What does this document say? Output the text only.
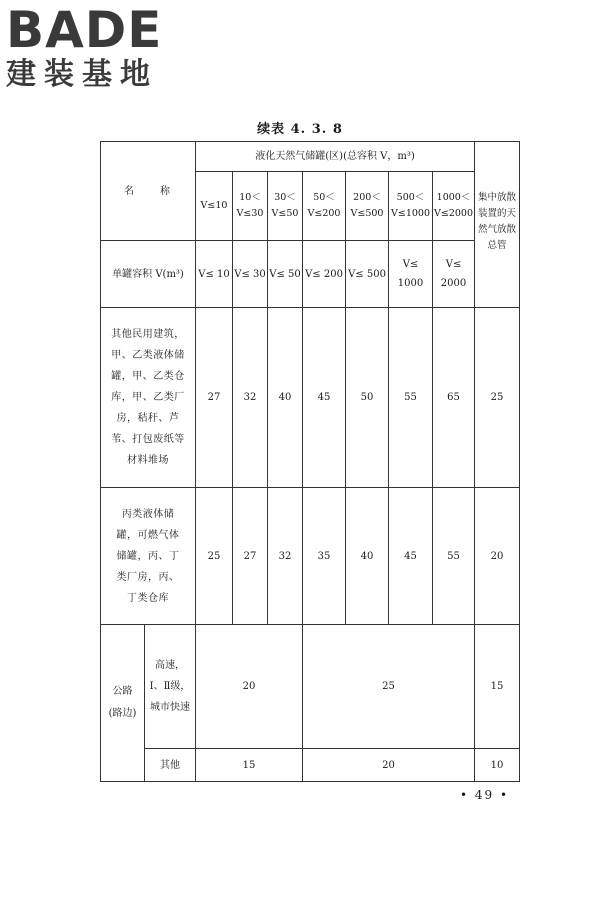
BADE
建装基地
续表 4. 3. 8
名　　称		液化天然气储罐(区)(总容积 V，m³)							集中放散装置的天然气放散总管
		V≤10	10＜ V≤30	30＜ V≤50	50＜ V≤200	200＜ V≤500	500＜ V≤1000	1000＜ V≤2000	
单罐容积 V(m³)		V≤ 10	V≤ 30	V≤ 50	V≤ 200	V≤ 500	V≤ 1000	V≤ 2000	
其他民用建筑，甲、乙类液体储罐，甲、乙类仓库，甲、乙类厂房，秸秆、芦苇、打包废纸等材料堆场		27	32	40	45	50	55	65	25
丙类液体储罐，可燃气体储罐，丙、丁类厂房，丙、丁类仓库		25	27	32	35	40	45	55	20
公路(路边)	高速，Ⅰ、Ⅱ级，城市快速	20			25				15
	其他	15			20				10
• 49 •
